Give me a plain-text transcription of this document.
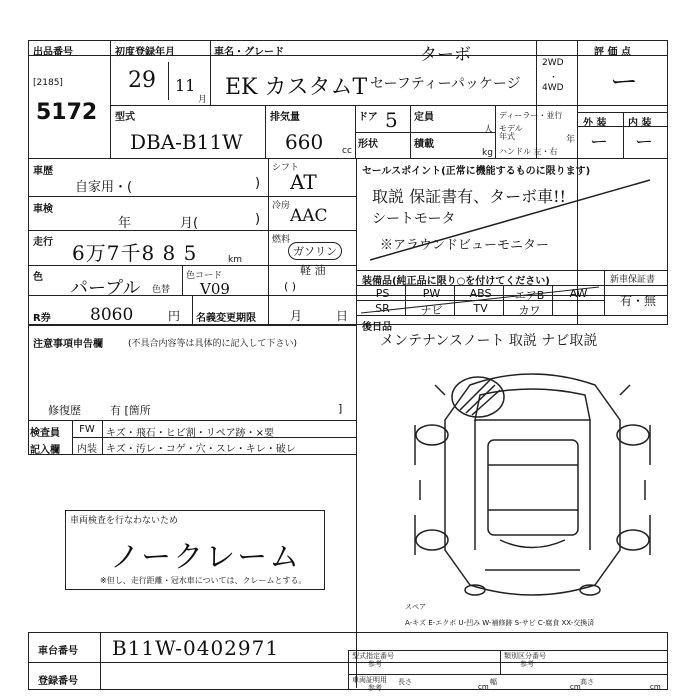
出品番号
[2185]
5172
初度登録年月
29 11
月
車名・グレード	ターボ
EK カスタムT セーフティーパッケージ
2WD
・
4WD
評 価 点
ー
型式
DBA-B11W
排気量
660 cc
ドア 5 定員
人
形状	積載
kg
ディーラー・並行
モデル年式	年
ハンドル 左・右
外 装 内 装
ー ー
車歴
自家用・(	)
車検
年	月(	)
走行 6万7千8 8 5	km
色
パープル 色替
色コード
V09
シフト
AT
冷房 AAC
燃料
ガソリン
軽 油
( )
R券 8060	円 名義変更期限	月	日
注意事項申告欄	(不具合内容等は具体的に記入して下さい)
修復歴	有 [箇所	]
検査員
記入欄
FW	キズ・飛石・ヒビ割・リペア跡・×要
内装 キズ・汚レ・コゲ・穴・スレ・キレ・破レ
車両検査を行なわないため
ノークレーム
※但し、走行距離・冠水車については、クレームとする。
セールスポイント(正常に機能するものに限ります)
取説 保証書有、ターボ車!!
シートモータ
※アラウンドビューモニター
装備品(純正品に限り○を付けてください)	新車保証書
PS	PW	ABS	エアB	AW
SR	ナビ	TV	カワ
有・無
後日品
メンテナンスノート 取説 ナビ取説
スペア
A-キズ E-エクボ U-凹み W-補修跡 S-サビ C-腐食 XX-交換済
車台番号 B11W-0402971
登録番号
型式指定番号
参考
類別区分番号
参考
車両証明用
参考
長さ
cm
幅
cm
高さ
cm
